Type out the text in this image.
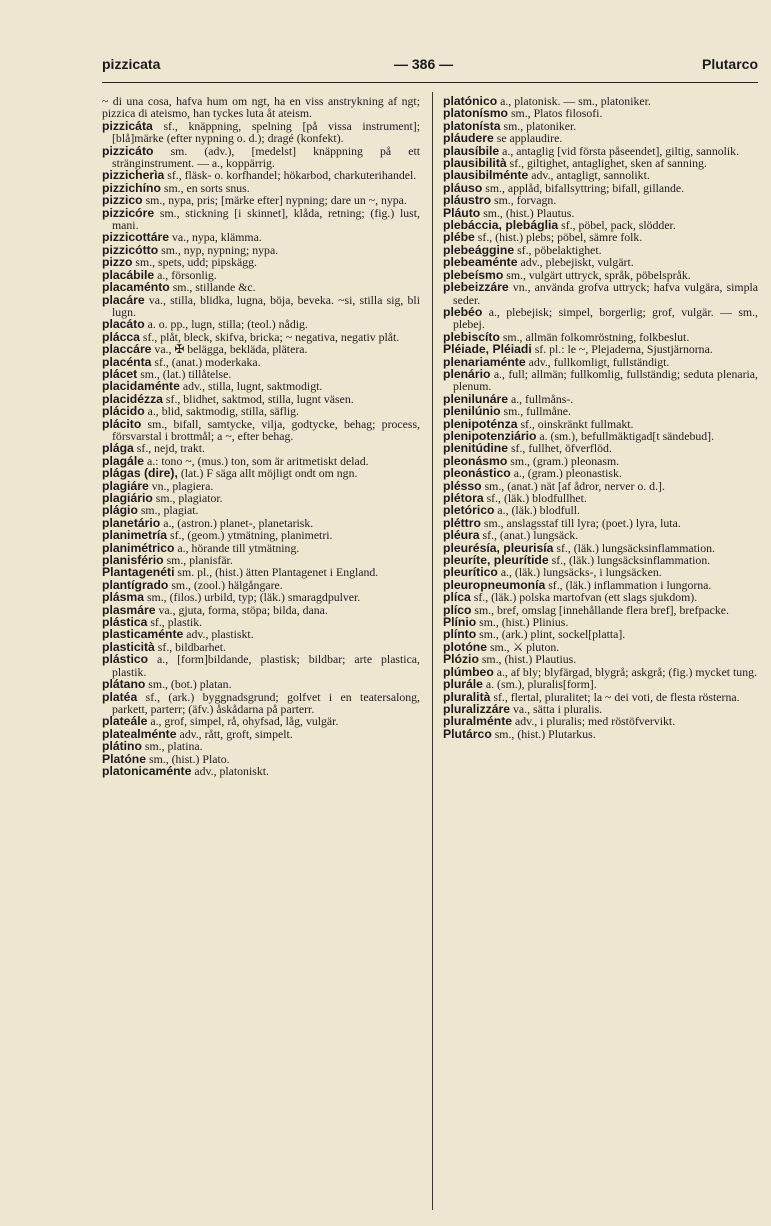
pizzicata	— 386 —	Plutarco

~ di una cosa, hafva hum om ngt, ha en viss anstrykning af ngt; pizzica di ateismo, han tyckes luta åt ateism.

pizzicáta sf., knäppning, spelning [på vissa instrument]; [blå]märke (efter nypning o. d.); dragé (konfekt).

pizzicáto sm. (adv.), [medelst] knäppning på ett stränginstrument. — a., koppärrig.

pizzicherìa sf., fläsk- o. korfhandel; hökarbod, charkuterihandel.

pizzichíno sm., en sorts snus.

pizzico sm., nypa, pris; [märke efter] nypning; dare un ~, nypa.

pizzicóre sm., stickning [i skinnet], klåda, retning; (fig.) lust, mani.

pizzicottáre va., nypa, klämma.

pizzicótto sm., nyp, nypning; nypa.

pizzo sm., spets, udd; pipskägg.

placábile a., försonlig.

placaménto sm., stillande &c.

placáre va., stilla, blidka, lugna, böja, beveka. ~si, stilla sig, bli lugn.

placáto a. o. pp., lugn, stilla; (teol.) nådig.

plácca sf., plåt, bleck, skifva, bricka; ~ negativa, negativ plåt.

placcáre va., ✠ belägga, bekläda, plätera.

placénta sf., (anat.) moderkaka.

plácet sm., (lat.) tillåtelse.

placidaménte adv., stilla, lugnt, saktmodigt.

placidézza sf., blidhet, saktmod, stilla, lugnt väsen.

plácido a., blid, saktmodig, stilla, säflig.

plácito sm., bifall, samtycke, vilja, godtycke, behag; process, försvarstal i brottmål; a ~, efter behag.

plága sf., nejd, trakt.

plagále a.: tono ~, (mus.) ton, som är aritmetiskt delad.

plágas (dire), (lat.) F säga allt möjligt ondt om ngn.

plagiáre vn., plagiera.

plagiário sm., plagiator.

plágio sm., plagiat.

planetário a., (astron.) planet-, planetarisk.

planimetría sf., (geom.) ytmätning, planimetri.

planimétrico a., hörande till ytmätning.

planisfério sm., planisfär.

Plantagenéti sm. pl., (hist.) ätten Plantagenet i England.

plantígrado sm., (zool.) hälgångare.

plásma sm., (filos.) urbild, typ; (läk.) smaragdpulver.

plasmáre va., gjuta, forma, stöpa; bilda, dana.

plástica sf., plastik.

plasticaménte adv., plastiskt.

plasticità sf., bildbarhet.

plástico a., [form]bildande, plastisk; bildbar; arte plastica, plastik.

plátano sm., (bot.) platan.

platéa sf., (ark.) byggnadsgrund; golfvet i en teatersalong, parkett, parterr; (äfv.) åskådarna på parterr.

plateále a., grof, simpel, rå, ohyfsad, låg, vulgär.

platealménte adv., rått, groft, simpelt.

plátino sm., platina.

Platóne sm., (hist.) Plato.

platonicaménte adv., platoniskt.

platónico a., platonisk. — sm., platoniker.

platonísmo sm., Platos filosofi.

platonísta sm., platoniker.

pláudere se applaudire.

plausíbile a., antaglig [vid första påseendet], giltig, sannolik.

plausibilità sf., giltighet, antaglighet, sken af sanning.

plausibilménte adv., antagligt, sannolikt.

pláuso sm., applåd, bifallsyttring; bifall, gillande.

pláustro sm., forvagn.

Pláuto sm., (hist.) Plautus.

plebáccia, plebáglia sf., pöbel, pack, slödder.

plébe sf., (hist.) plebs; pöbel, sämre folk.

plebeággine sf., pöbelaktighet.

plebeaménte adv., plebejiskt, vulgärt.

plebeísmo sm., vulgärt uttryck, språk, pöbelspråk.

plebeizzáre vn., använda grofva uttryck; hafva vulgära, simpla seder.

plebéo a., plebejisk; simpel, borgerlig; grof, vulgär. — sm., plebej.

plebiscíto sm., allmän folkomröstning, folkbeslut.

Pléiade, Pléiadi sf. pl.: le ~, Plejaderna, Sjustjärnorna.

plenariaménte adv., fullkomligt, fullständigt.

plenário a., full; allmän; fullkomlig, fullständig; seduta plenaria, plenum.

plenilunáre a., fullmåns-.

plenilúnio sm., fullmåne.

plenipoténza sf., oinskränkt fullmakt.

plenipotenziário a. (sm.), befullmäktigad[t sändebud].

plenitúdine sf., fullhet, öfverflöd.

pleonásmo sm., (gram.) pleonasm.

pleonástico a., (gram.) pleonastisk.

plésso sm., (anat.) nät [af ådror, nerver o. d.].

plétora sf., (läk.) blodfullhet.

pletórico a., (läk.) blodfull.

pléttro sm., anslagsstaf till lyra; (poet.) lyra, luta.

pléura sf., (anat.) lungsäck.

pleurésía, pleurisía sf., (läk.) lungsäcksinflammation.

pleuríte, pleurítide sf., (läk.) lungsäcksinflammation.

pleurítico a., (läk.) lungsäcks-, i lungsäcken.

pleuropneumonía sf., (läk.) inflammation i lungorna.

plíca sf., (läk.) polska martofvan (ett slags sjukdom).

plíco sm., bref, omslag [innehållande flera bref], brefpacke.

Plínio sm., (hist.) Plinius.

plínto sm., (ark.) plint, sockel[platta].

plotóne sm., ⚔ pluton.

Plózio sm., (hist.) Plautius.

plúmbeo a., af bly; blyfärgad, blygrå; askgrå; (fig.) mycket tung.

plurále a. (sm.), pluralis[form].

pluralità sf., flertal, pluralitet; la ~ dei voti, de flesta rösterna.

pluralizzáre va., sätta i pluralis.

pluralménte adv., i pluralis; med röstöfvervikt.

Plutárco sm., (hist.) Plutarkus.
